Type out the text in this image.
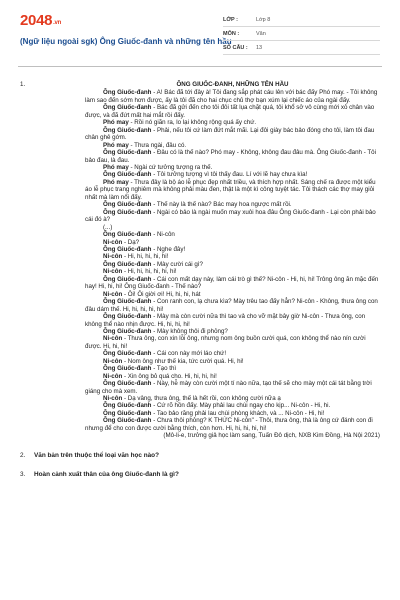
2048.vn
(Ngữ liệu ngoài sgk) Ông Giuốc-đanh và những tên hầu
LỚP :	Lớp 8
MÔN :	Văn
SỐ CÂU :	13
1.	ÔNG GIUỐC-ĐANH, NHỮNG TÊN HẦU

Ông Giuốc-đanh - A! Bác đã tới đây à! Tôi đang sắp phát cáu lên với bác đấy Phó may. - Tôi không làm sao đến sớm hơn được, ấy là tôi đã cho hai chục chủ thợ bạn xúm lại chiếc áo của ngài đấy.

Ông Giuốc-đanh - Bác đã gửi đến cho tôi đôi tất lụa chặt quá, tôi khổ sở vô cùng mới xỏ chân vào được, và đã đứt mất hai mắt rồi đấy.

Phó may - Rồi nó giãn ra, lo lại không rộng quá ấy chứ.

Ông Giuốc-đanh - Phải, nếu tôi cứ làm đứt mắt mãi. Lại đôi giày bác bảo đóng cho tôi, làm tôi đau chân ghê gớm.

Phó may - Thưa ngài, đâu có.

Ông Giuốc-đanh - Đâu có là thế nào? Phó may - Không, không đau đâu mà. Ông Giuốc-đanh - Tôi bảo đau, là đau.

Phó may - Ngài cứ tưởng tượng ra thế.

Ông Giuốc-đanh - Tôi tưởng tượng vì tôi thấy đau. Lí với lẽ hay chưa kìa!

Phó may - Thưa đây là bộ áo lễ phục đẹp nhất triều, và thích hợp nhất. Sáng chế ra được một kiểu áo lễ phục trang nghiêm mà không phải màu đen, thật là một kì công tuyệt tác. Tôi thách các thợ may giỏi nhất mà làm nổi đấy.

Ông Giuốc-đanh - Thế này là thế nào? Bác may hoa ngược mất rồi.

Ông Giuốc-đanh - Ngài có bảo là ngài muốn may xuôi hoa đâu Ông Giuốc-đanh - Lại còn phải bảo cái đó à?

(...)

Ông Giuốc-đanh - Ni-côn

Ni-côn - Dạ?

Ông Giuốc-đanh - Nghe đây!

Ni-côn - Hi, hi, hi, hi, hi!

Ông Giuốc-đanh - Mày cười cái gì?

Ni-côn - Hi, hi, hi, hi, hi, hi!

Ông Giuốc-đanh - Cái con mất dạy này, làm cái trò gì thế? Ni-côn - Hi, hi, hi! Trông ông ăn mặc đến hay! Hi, hi, hi! Ông Giuốc-đanh - Thế nào?

Ni-côn - Ôi! Ôi giời ơi! Hi, hi, hi, hát

Ông Giuốc-đanh - Con ranh con, lạ chưa kìa? Mày trêu tao đấy hẳn? Ni-côn - Không, thưa ông con đâu dám thế. Hi, hi, hi, hi, hi!

Ông Giuốc-đanh - Mày mà còn cười nữa thì tao vả cho vỡ mặt bây giờ Ni-côn - Thưa ông, con không thể nào nhịn được. Hi, hi, hi, hi!

Ông Giuốc-đanh - Mày không thôi đi phỏng?

Ni-côn - Thưa ông, con xin lỗi ông, nhưng nom ông buồn cười quá, con không thể nào nín cười được. Hi, hi, hi!

Ông Giuốc-đanh - Cái con này mới láo chứ!

Ni-côn - Nom ông như thế kia, tức cười quá. Hi, hi!

Ông Giuốc-đanh - Tạo thì

Ni-côn - Xin ông bỏ quá cho. Hi, hi, hi, hi!

Ông Giuốc-đanh - Này, hễ mày còn cười một tí nào nữa, tạo thế sẽ cho mày một cái tát bằng trời giáng cho mà xem.

Ni-côn - Dạ vâng, thưa ông, thế là hết rồi, con không cười nữa ạ

Ông Giuốc-đanh - Cứ rõ hồn đấy. Mày phải lau chùi ngay cho kịp... Ni-côn - Hi, hi.

Ông Giuốc-đanh - Tao bảo răng phải lau chùi phòng khách, và ... Ni-côn - Hi, hi!

Ông Giuốc-đanh - Chưa thôi phỏng? K THỨC Ni-côn" - Thôi, thưa ông, thà là ông cứ đánh con đi nhưng để cho con được cười bằng thích, còn hơn. Hi, hi, hi, hi, hi!

(Mô-li-e, trưởng giả học làm sang, Tuấn Đô dịch, NXB Kim Đồng, Hà Nội 2021)
2.	Văn bản trên thuộc thể loại văn học nào?
3.	Hoàn cảnh xuất thân của ông Giuốc-đanh là gì?
